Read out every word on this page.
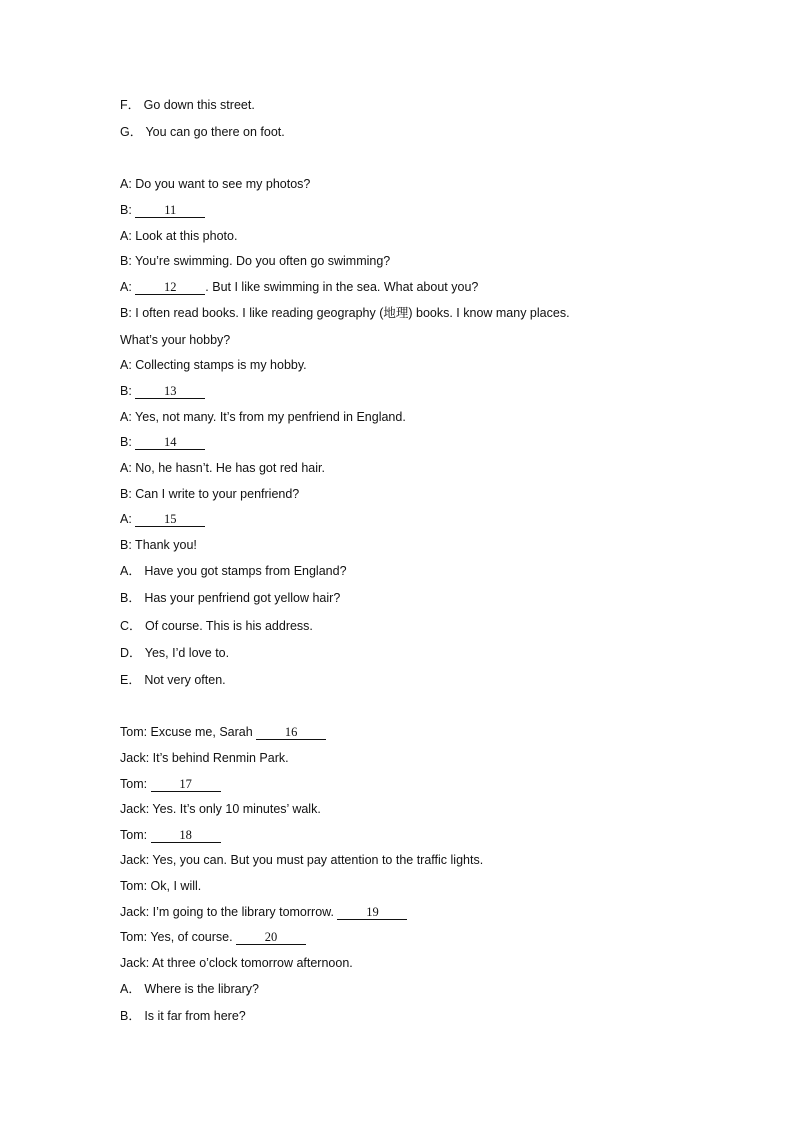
F． Go down this street.
G． You can go there on foot.
A: Do you want to see my photos?
B: 11
A: Look at this photo.
B: You’re swimming. Do you often go swimming?
A: 12 . But I like swimming in the sea. What about you?
B: I often read books. I like reading geography (地理) books. I know many places.
What’s your hobby?
A: Collecting stamps is my hobby.
B: 13
A: Yes, not many. It’s from my penfriend in England.
B: 14
A: No, he hasn’t. He has got red hair.
B: Can I write to your penfriend?
A: 15
B: Thank you!
A． Have you got stamps from England?
B． Has your penfriend got yellow hair?
C． Of course. This is his address.
D． Yes, I’d love to.
E． Not very often.
Tom: Excuse me, Sarah 16
Jack: It’s behind Renmin Park.
Tom: 17
Jack: Yes. It’s only 10 minutes’ walk.
Tom: 18
Jack: Yes, you can. But you must pay attention to the traffic lights.
Tom: Ok, I will.
Jack: I’m going to the library tomorrow. 19
Tom: Yes, of course. 20
Jack: At three o’clock tomorrow afternoon.
A． Where is the library?
B． Is it far from here?
